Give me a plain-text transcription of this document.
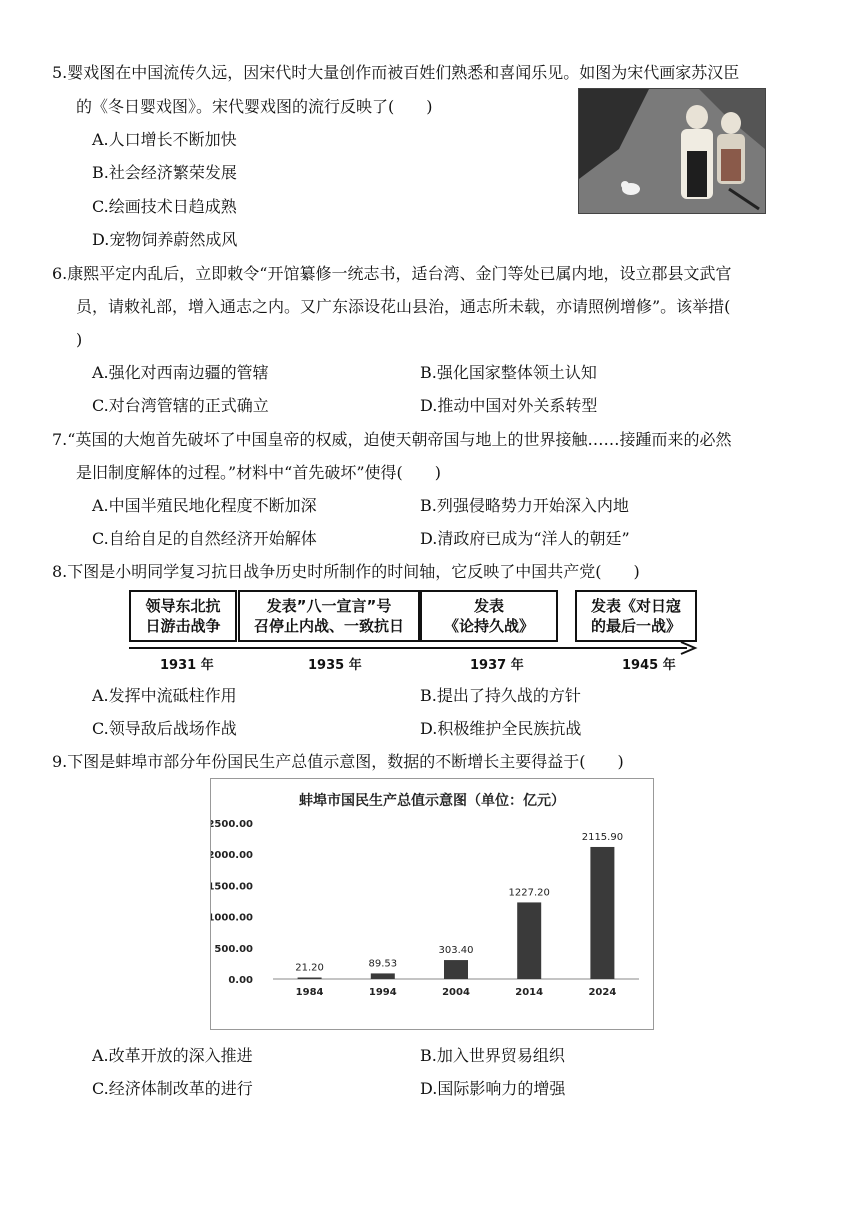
5.婴戏图在中国流传久远，因宋代时大量创作而被百姓们熟悉和喜闻乐见。如图为宋代画家苏汉臣
的《冬日婴戏图》。宋代婴戏图的流行反映了(　　)
A.人口增长不断加快
B.社会经济繁荣发展
C.绘画技术日趋成熟
D.宠物饲养蔚然成风
6.康熙平定内乱后，立即敕令“开馆纂修一统志书，适台湾、金门等处已属内地，设立郡县文武官
员，请敕礼部，增入通志之内。又广东添设花山县治，通志所未载，亦请照例增修”。该举措(
)
A.强化对西南边疆的管辖	B.强化国家整体领土认知
C.对台湾管辖的正式确立	D.推动中国对外关系转型
7.“英国的大炮首先破坏了中国皇帝的权威，迫使天朝帝国与地上的世界接触……接踵而来的必然
是旧制度解体的过程。”材料中“首先破坏”使得(　　)
A.中国半殖民地化程度不断加深	B.列强侵略势力开始深入内地
C.自给自足的自然经济开始解体	D.清政府已成为“洋人的朝廷”
8.下图是小明同学复习抗日战争历史时所制作的时间轴，它反映了中国共产党(　　)
领导东北抗
日游击战争
发表”八一宣言”号
召停止内战、一致抗日
发表
《论持久战》
发表《对日寇
的最后一战》
1931 年	1935 年	1937 年	1945 年
A.发挥中流砥柱作用	B.提出了持久战的方针
C.领导敌后战场作战	D.积极维护全民族抗战
9.下图是蚌埠市部分年份国民生产总值示意图，数据的不断增长主要得益于(　　)
蚌埠市国民生产总值示意图（单位：亿元）
0.00
500.00
1000.00
1500.00
2000.00
2500.00
21.20
1984
89.53
1994
303.40
2004
1227.20
2014
2115.90
2024
A.改革开放的深入推进	B.加入世界贸易组织
C.经济体制改革的进行	D.国际影响力的增强
